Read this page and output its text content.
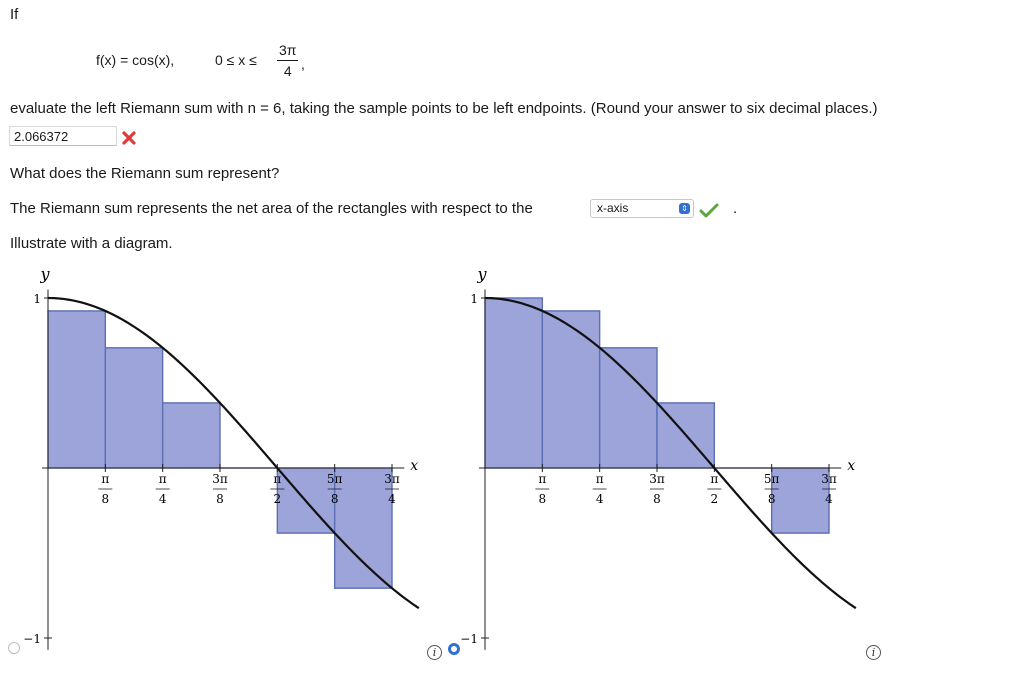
If
f(x) = cos(x),	$0 \le x \le \frac{3\pi}{4}$ ,
evaluate the left Riemann sum with n = 6, taking the sample points to be left endpoints. (Round your answer to six decimal places.)
2.066372
What does the Riemann sum represent?
The Riemann sum represents the net area of the rectangles with respect to the	x-axis	⇕	.
Illustrate with a diagram.
1
−1
y
x
π
8
π
4
3π
8
π
2
5π
8
3π
4
1
−1
y
x
π
8
π
4
3π
8
π
2
5π
8
3π
4
i	i
